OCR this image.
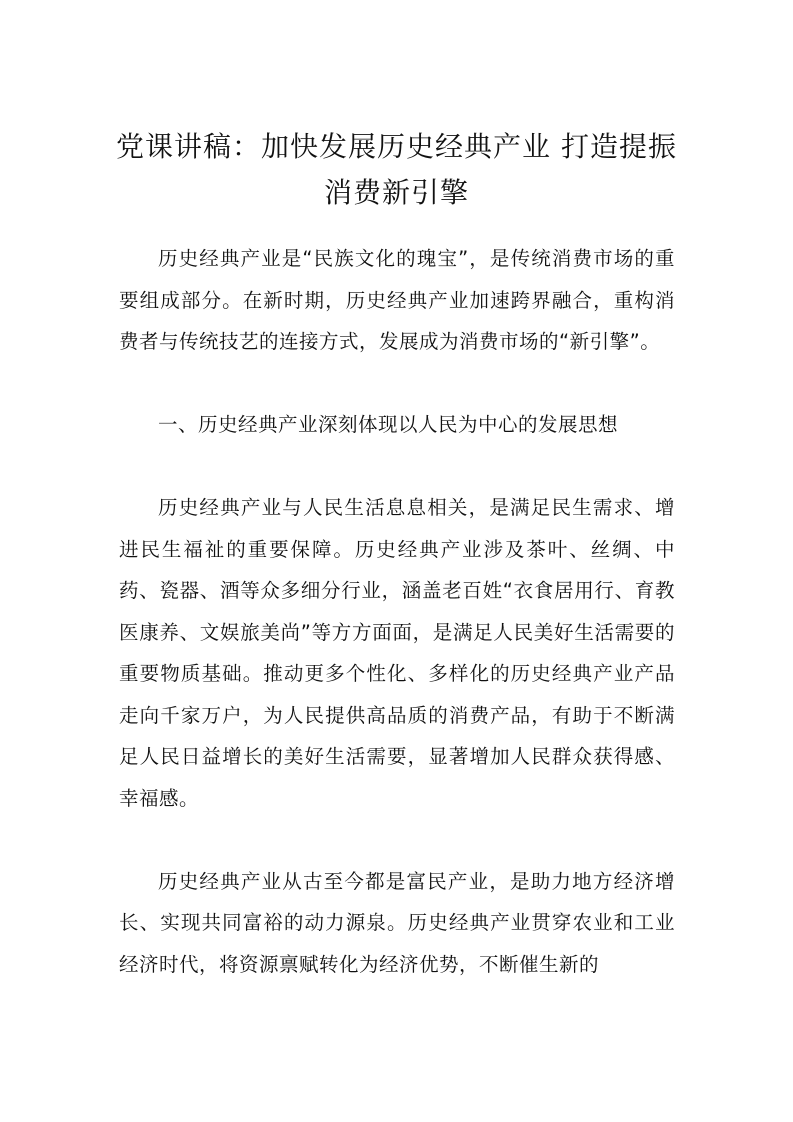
党课讲稿：加快发展历史经典产业 打造提振消费新引擎

历史经典产业是“民族文化的瑰宝”，是传统消费市场的重要组成部分。在新时期，历史经典产业加速跨界融合，重构消费者与传统技艺的连接方式，发展成为消费市场的“新引擎”。

一、历史经典产业深刻体现以人民为中心的发展思想

历史经典产业与人民生活息息相关，是满足民生需求、增进民生福祉的重要保障。历史经典产业涉及茶叶、丝绸、中药、瓷器、酒等众多细分行业，涵盖老百姓“衣食居用行、育教医康养、文娱旅美尚”等方方面面，是满足人民美好生活需要的重要物质基础。推动更多个性化、多样化的历史经典产业产品走向千家万户，为人民提供高品质的消费产品，有助于不断满足人民日益增长的美好生活需要，显著增加人民群众获得感、幸福感。

历史经典产业从古至今都是富民产业，是助力地方经济增长、实现共同富裕的动力源泉。历史经典产业贯穿农业和工业经济时代，将资源禀赋转化为经济优势，不断催生新的
